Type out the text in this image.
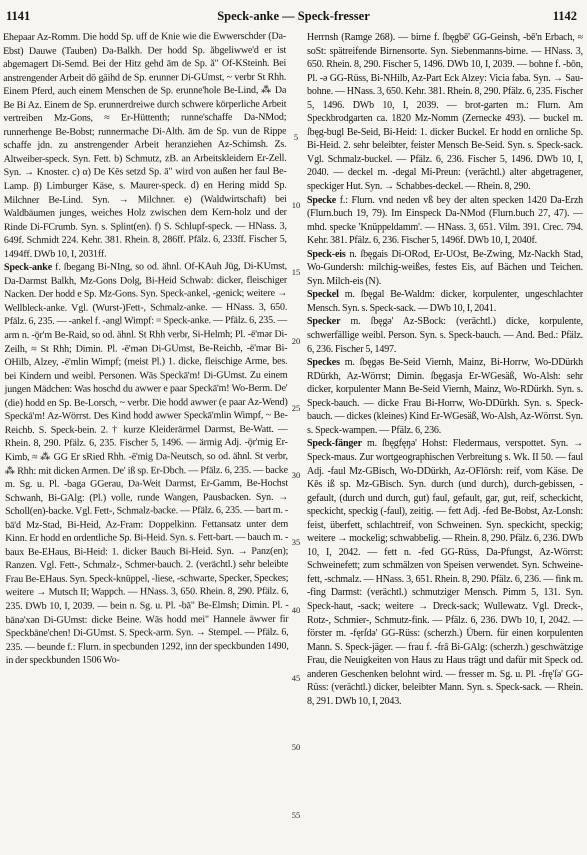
1141	Speck-anke — Speck-fresser	1142

Ehepaar Az-Romm. Die hodd Sp. uff de Knie wie die Ewwerschder (Da-Ebst) Dauwe (Tauben) Da-Balkh. Der hodd Sp. ăbgeliwwe'd er ist abgemagert Di-Semd. Bei der Hitz gehd ām de Sp. ă" Of-KSteinh. Bei anstrengender Arbeit dō gāihd de Sp. erunner Di-GUmst, ~ verbr St Rhh. Einem Pferd, auch einem Menschen de Sp. erunne'hole Be-Lind, ⁂ Da Be Bi Az. Einem de Sp. erunnerdreiwe durch schwere körperliche Arbeit vertreiben Mz-Gons, ≈ Er-Hüttenth; runne'schaffe Da-NMod; runnerhenge Be-Bobst; runnermache Di-Alth. ām de Sp. vun de Rippe schaffe jdn. zu anstrengender Arbeit heranziehen Az-Schimsh. Zs. Altweiber-speck. Syn. Fett. b) Schmutz, zB. an Arbeitskleidern Er-Zell. Syn. → Knoster. c) α) De Kēs setzd Sp. ā" wird von außen her faul Be-Lamp. β) Limburger Käse, s. Maurer-speck. d) en Hering midd Sp. Milchner Be-Lind. Syn. → Milchner. e) (Waldwirtschaft) bei Waldbäumen junges, weiches Holz zwischen dem Kern-holz und der Rinde Di-FCrumb. Syn. s. Splint(en). f) S. Schlupf-speck. — HNass. 3, 649f. Schmidt 224. Kehr. 381. Rhein. 8, 286ff. Pfälz. 6, 233ff. Fischer 5, 1494ff. DWb 10, I, 2031ff.

Speck-anke f. ſbegang Bi-NIng, so od. ähnl. Of-KAuh Jüg, Di-KUmst, Da-Darmst Balkh, Mz-Gons Dolg, Bi-Heid Schwab: dicker, fleischiger Nacken. Der hodd e Sp. Mz-Gons. Syn. Speck-ankel, -genick; weitere → Wellbleck-anke. Vgl. (Wurst-)Fett-, Schmalz-anke. — HNass. 3, 650. Pfälz. 6, 235. — -ankel f. -angl Wimpf: = Speck-anke. — Pfälz. 6, 235. — arm n. -ǭr'm Be-Raid, so od. ähnl. St Rhh verbr, Si-Helmh; Pl. -ē'mǝr Di-Zeilh, ≈ St Rhh; Dimin. Pl. -ē'mǝn Di-GUmst, Be-Reichb, -ē'mǝr Bi-OHilb, Alzey, -ē'mlin Wimpf; (meist Pl.) 1. dicke, fleischige Arme, bes. bei Kindern und weibl. Personen. Wās Speckā'm! Di-GUmst. Zu einem jungen Mädchen: Was hoschd du awwer e paar Speckā'm! Wo-Berm. De' (die) hodd en Sp. Be-Lorsch, ~ verbr. Die hodd awwer (e paar Az-Wend) Speckā'm! Az-Wörrst. Des Kind hodd awwer Speckā'mlin Wimpf, ~ Be-Reichb. S. Speck-bein. 2. † kurze Kleiderärmel Darmst, Be-Watt. — Rhein. 8, 290. Pfälz. 6, 235. Fischer 5, 1496. — ärmig Adj. -ǭr'mig Er-Kimb, ≈ ⁂ GG Er sRied Rhh. -ē'mig Da-Neutsch, so od. ähnl. St verbr, ⁂ Rhh: mit dicken Armen. De' iß sp. Er-Dbch. — Pfälz. 6, 235. — backe m. Sg. u. Pl. -baga GGerau, Da-Weit Darmst, Er-Gamm, Be-Hochst Schwanh, Bi-GAlg: (Pl.) volle, runde Wangen, Pausbacken. Syn. → Scholl(en)-backe. Vgl. Fett-, Schmalz-backe. — Pfälz. 6, 235. — bart m. -bā'd Mz-Stad, Bi-Heid, Az-Fram: Doppelkinn. Fettansatz unter dem Kinn. Er hodd en ordentliche Sp. Bi-Heid. Syn. s. Fett-bart. — bauch m. -baux Be-EHaus, Bi-Heid: 1. dicker Bauch Bi-Heid. Syn. → Panz(en); Ranzen. Vgl. Fett-, Schmalz-, Schmer-bauch. 2. (verächtl.) sehr beleibte Frau Be-EHaus. Syn. Speck-knüppel, -liese, -schwarte, Specker, Speckes; weitere → Mutsch II; Wappch. — HNass. 3, 650. Rhein. 8, 290. Pfälz. 6, 235. DWb 10, I, 2039. — bein n. Sg. u. Pl. -bā" Be-Elmsh; Dimin. Pl. -bānǝ'xǝn Di-GUmst: dicke Beine. Wās hodd mei" Hannele āwwer fir Speckbāne'chen! Di-GUmst. S. Speck-arm. Syn. → Stempel. — Pfälz. 6, 235. — beunde f.: Flurn. in specbunden 1292, inn der speckbunden 1490, in der speckbunden 1506 Wo-

5
10
15
20
25
30
35
40
45
50
55

Herrnsh (Ramge 268). — birne f. ſbęgbē' GG-Geinsh, -bē'n Erbach, ≈ soSt: spätreifende Birnensorte. Syn. Siebenmanns-birne. — HNass. 3, 650. Rhein. 8, 290. Fischer 5, 1496. DWb 10, I, 2039. — bohne f. -bōn, Pl. -ǝ GG-Rüss, Bi-NHilb, Az-Part Eck Alzey: Vicia faba. Syn. → Sau-bohne. — HNass. 3, 650. Kehr. 381. Rhein. 8, 290. Pfälz. 6, 235. Fischer 5, 1496. DWb 10, I, 2039. — brot-garten m.: Flurn. Am Speckbrodgarten ca. 1820 Mz-Nomm (Zernecke 493). — buckel m. ſbęg-bugl Be-Seid, Bi-Heid: 1. dicker Buckel. Er hodd en ornliche Sp. Bi-Heid. 2. sehr beleibter, feister Mensch Be-Seid. Syn. s. Speck-sack. Vgl. Schmalz-buckel. — Pfälz. 6, 236. Fischer 5, 1496. DWb 10, I, 2040. — deckel m. -degal Mi-Preun: (verächtl.) alter abgetragener, speckiger Hut. Syn. → Schabbes-deckel. — Rhein. 8, 290.

Specke f.: Flurn. vnd neden vß bey der alten specken 1420 Da-Erzh (Flurn.buch 19, 79). Im Einspeck Da-NMod (Flurn.buch 27, 47). — mhd. specke 'Knüppeldamm'. — HNass. 3, 651. Vilm. 391. Crec. 794. Kehr. 381. Pfälz. 6, 236. Fischer 5, 1496f. DWb 10, I, 2040f.

Speck-eis n. ſbęgais Di-ORod, Er-UOst, Be-Zwing, Mz-Nackh Stad, Wo-Gundersh: milchig-weißes, festes Eis, auf Bächen und Teichen. Syn. Milch-eis (N).

Speckel m. ſbęgal Be-Waldm: dicker, korpulenter, ungeschlachter Mensch. Syn. s. Speck-sack. — DWb 10, I, 2041.

Specker m. ſbęgǝ' Az-SBock: (verächtl.) dicke, korpulente, schwerfällige weibl. Person. Syn. s. Speck-bauch. — And. Bed.: Pfälz. 6, 236. Fischer 5, 1497.

Speckes m. ſbęgǝs Be-Seid Viernh, Mainz, Bi-Horrw, Wo-DDürkh RDürkh, Az-Wörrst; Dimin. ſbęgasja Er-WGesäß, Wo-Alsh: sehr dicker, korpulenter Mann Be-Seid Viernh, Mainz, Wo-RDürkh. Syn. s. Speck-bauch. — dicke Frau Bi-Horrw, Wo-DDürkh. Syn. s. Speck-bauch. — dickes (kleines) Kind Er-WGesäß, Wo-Alsh, Az-Wörrst. Syn. s. Speck-wampen. — Pfälz. 6, 236.

Speck-fänger m. ſbęgfęŋǝ' Hohst: Fledermaus, verspottet. Syn. → Speck-maus. Zur wortgeographischen Verbreitung s. Wk. II 50. — faul Adj. -faul Mz-GBisch, Wo-DDürkh, Az-OFlörsh: reif, vom Käse. De Kēs iß sp. Mz-GBisch. Syn. durch (und durch), durch-gebissen, -gefault, (durch und durch, gut) faul, gefault, gar, gut, reif, scheckicht, speckicht, speckig (-faul), zeitig. — fett Adj. -fed Be-Bobst, Az-Lonsh: feist, überfett, schlachtreif, von Schweinen. Syn. speckicht, speckig; weitere → mockelig; schwabbelig. — Rhein. 8, 290. Pfälz. 6, 236. DWb 10, I, 2042. — fett n. -fed GG-Rüss, Da-Pfungst, Az-Wörrst: Schweinefett; zum schmälzen von Speisen verwendet. Syn. Schweine-fett, -schmalz. — HNass. 3, 651. Rhein. 8, 290. Pfälz. 6, 236. — fink m. -fing Darmst: (verächtl.) schmutziger Mensch. Pimm 5, 131. Syn. Speck-haut, -sack; weitere → Dreck-sack; Wullewatz. Vgl. Dreck-, Rotz-, Schmier-, Schmutz-fink. — Pfälz. 6, 236. DWb 10, I, 2042. — förster m. -fęrſdǝ' GG-Rüss: (scherzh.) Übern. für einen korpulenten Mann. S. Speck-jäger. — frau f. -frā Bi-GAlg: (scherzh.) geschwätzige Frau, die Neuigkeiten von Haus zu Haus trägt und dafür mit Speck od. anderen Geschenken belohnt wird. — fresser m. Sg. u. Pl. -frę'ſǝ' GG-Rüss: (verächtl.) dicker, beleibter Mann. Syn. s. Speck-sack. — Rhein. 8, 291. DWb 10, I, 2043.
